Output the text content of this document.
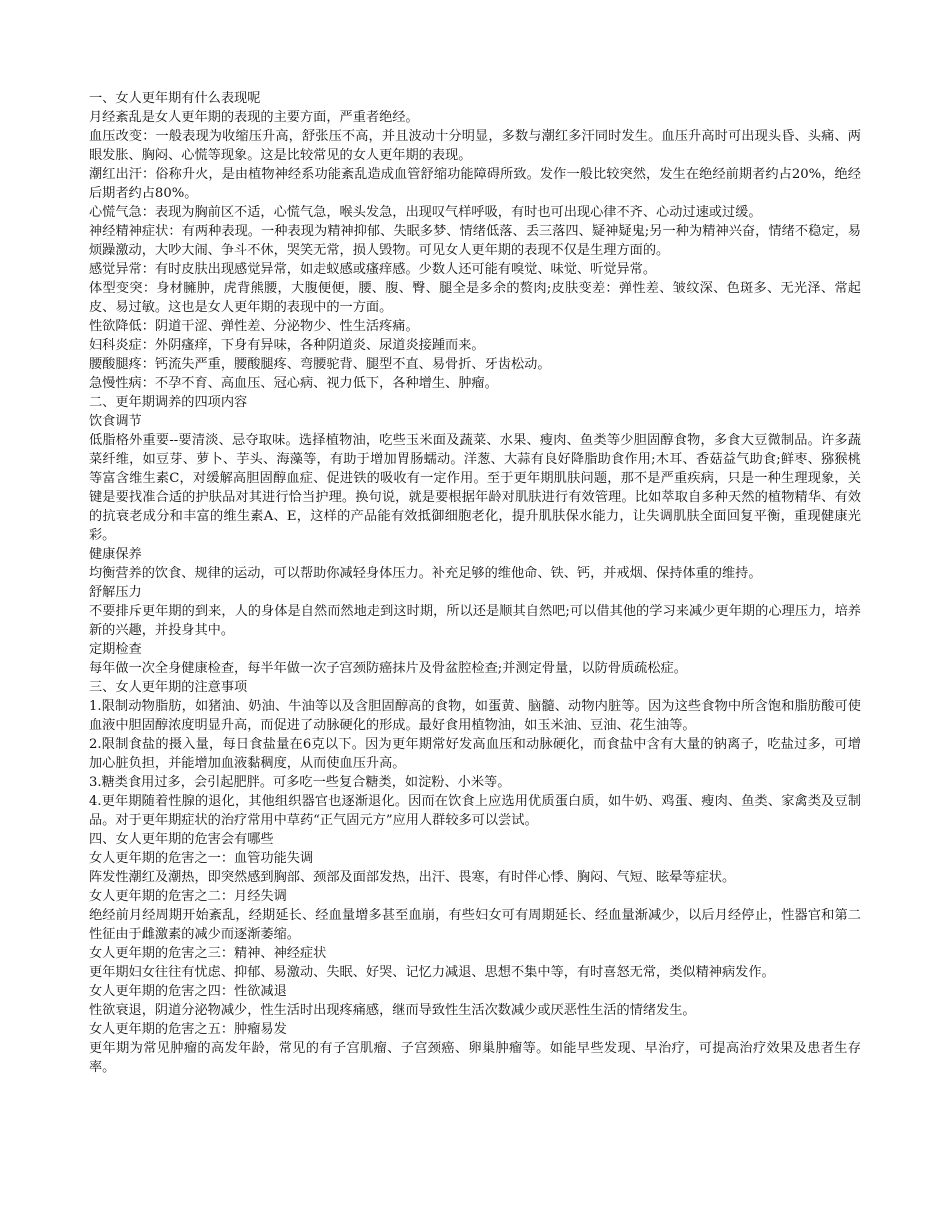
一、女人更年期有什么表现呢

月经紊乱是女人更年期的表现的主要方面，严重者绝经。

血压改变：一般表现为收缩压升高，舒张压不高，并且波动十分明显，多数与潮红多汗同时发生。血压升高时可出现头昏、头痛、两眼发胀、胸闷、心慌等现象。这是比较常见的女人更年期的表现。

潮红出汗：俗称升火，是由植物神经系功能紊乱造成血管舒缩功能障碍所致。发作一般比较突然，发生在绝经前期者约占20%，绝经后期者约占80%。

心慌气急：表现为胸前区不适，心慌气急，喉头发急，出现叹气样呼吸，有时也可出现心律不齐、心动过速或过缓。

神经精神症状：有两种表现。一种表现为精神抑郁、失眠多梦、情绪低落、丢三落四、疑神疑鬼;另一种为精神兴奋，情绪不稳定，易烦躁激动，大吵大闹、争斗不休，哭笑无常，损人毁物。可见女人更年期的表现不仅是生理方面的。

感觉异常：有时皮肤出现感觉异常，如走蚁感或瘙痒感。少数人还可能有嗅觉、味觉、听觉异常。

体型变突：身材臃肿，虎背熊腰，大腹便便，腰、腹、臀、腿全是多余的赘肉;皮肤变差：弹性差、皱纹深、色斑多、无光泽、常起皮、易过敏。这也是女人更年期的表现中的一方面。

性欲降低：阴道干涩、弹性差、分泌物少、性生活疼痛。

妇科炎症：外阴瘙痒，下身有异味，各种阴道炎、尿道炎接踵而来。

腰酸腿疼：钙流失严重，腰酸腿疼、弯腰驼背、腿型不直、易骨折、牙齿松动。

急慢性病：不孕不育、高血压、冠心病、视力低下，各种增生、肿瘤。

二、更年期调养的四项内容

饮食调节

低脂格外重要--要清淡、忌夺取味。选择植物油，吃些玉米面及蔬菜、水果、瘦肉、鱼类等少胆固醇食物，多食大豆微制品。许多蔬菜纤维，如豆芽、萝卜、芋头、海藻等，有助于增加胃肠蠕动。洋葱、大蒜有良好降脂助食作用;木耳、香菇益气助食;鲜枣、猕猴桃等富含维生素C，对缓解高胆固醇血症、促进铁的吸收有一定作用。至于更年期肌肤问题，那不是严重疾病，只是一种生理现象，关键是要找准合适的护肤品对其进行恰当护理。换句说，就是要根据年龄对肌肤进行有效管理。比如萃取自多种天然的植物精华、有效的抗衰老成分和丰富的维生素A、E，这样的产品能有效抵御细胞老化，提升肌肤保水能力，让失调肌肤全面回复平衡，重现健康光彩。

健康保养

均衡营养的饮食、规律的运动，可以帮助你减轻身体压力。补充足够的维他命、铁、钙，并戒烟、保持体重的维持。

舒解压力

不要排斥更年期的到来，人的身体是自然而然地走到这时期，所以还是顺其自然吧;可以借其他的学习来减少更年期的心理压力，培养新的兴趣，并投身其中。

定期检查

每年做一次全身健康检查，每半年做一次子宫颈防癌抹片及骨盆腔检查;并测定骨量，以防骨质疏松症。

三、女人更年期的注意事项

1.限制动物脂肪，如猪油、奶油、牛油等以及含胆固醇高的食物，如蛋黄、脑髓、动物内脏等。因为这些食物中所含饱和脂肪酸可使血液中胆固醇浓度明显升高，而促进了动脉硬化的形成。最好食用植物油，如玉米油、豆油、花生油等。

2.限制食盐的摄入量，每日食盐量在6克以下。因为更年期常好发高血压和动脉硬化，而食盐中含有大量的钠离子，吃盐过多，可增加心脏负担，并能增加血液黏稠度，从而使血压升高。

3.糖类食用过多，会引起肥胖。可多吃一些复合糖类，如淀粉、小米等。

4.更年期随着性腺的退化，其他组织器官也逐渐退化。因而在饮食上应选用优质蛋白质，如牛奶、鸡蛋、瘦肉、鱼类、家禽类及豆制品。对于更年期症状的治疗常用中草药“正气固元方”应用人群较多可以尝试。

四、女人更年期的危害会有哪些

女人更年期的危害之一：血管功能失调

阵发性潮红及潮热，即突然感到胸部、颈部及面部发热，出汗、畏寒，有时伴心悸、胸闷、气短、眩晕等症状。

女人更年期的危害之二：月经失调

绝经前月经周期开始紊乱，经期延长、经血量增多甚至血崩，有些妇女可有周期延长、经血量渐减少，以后月经停止，性器官和第二性征由于雌激素的减少而逐渐萎缩。

女人更年期的危害之三：精神、神经症状

更年期妇女往往有忧虑、抑郁、易激动、失眠、好哭、记忆力减退、思想不集中等，有时喜怒无常，类似精神病发作。

女人更年期的危害之四：性欲减退

性欲衰退，阴道分泌物减少，性生活时出现疼痛感，继而导致性生活次数减少或厌恶性生活的情绪发生。

女人更年期的危害之五：肿瘤易发

更年期为常见肿瘤的高发年龄，常见的有子宫肌瘤、子宫颈癌、卵巢肿瘤等。如能早些发现、早治疗，可提高治疗效果及患者生存率。
